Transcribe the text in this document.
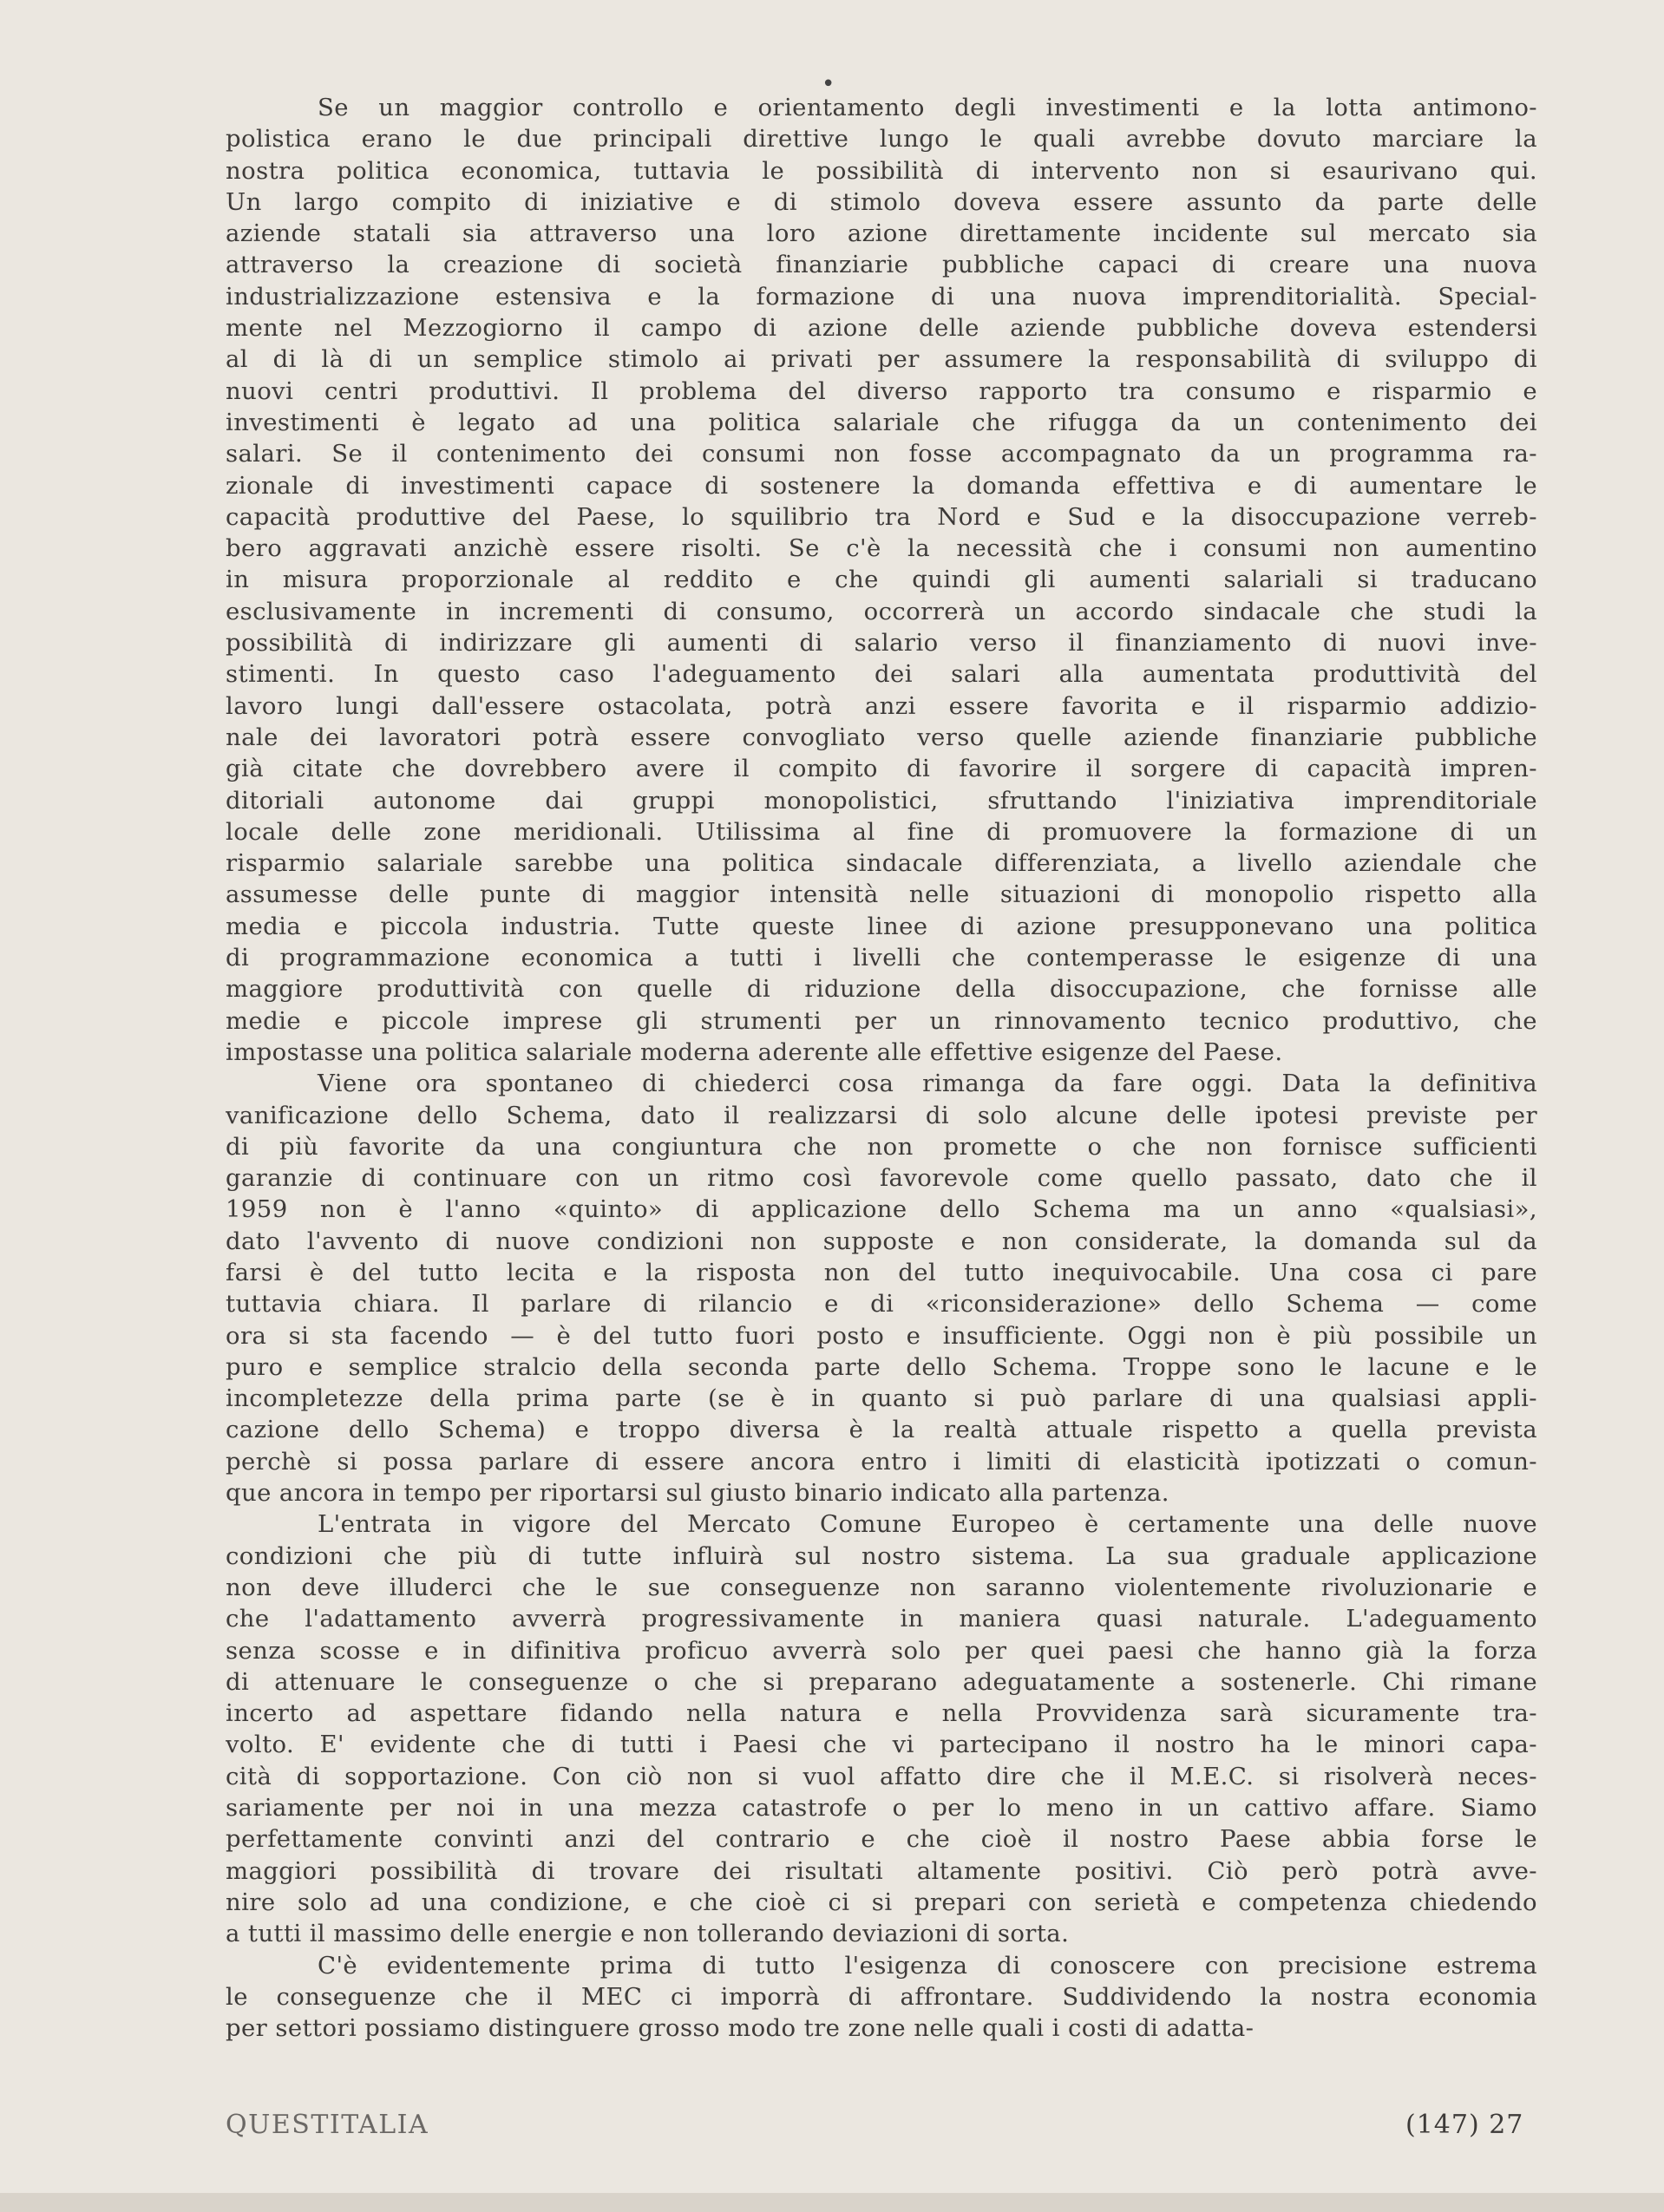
•
Se un maggior controllo e orientamento degli investimenti e la lotta antimono-
polistica erano le due principali direttive lungo le quali avrebbe dovuto marciare la
nostra politica economica, tuttavia le possibilità di intervento non si esaurivano qui.
Un largo compito di iniziative e di stimolo doveva essere assunto da parte delle
aziende statali sia attraverso una loro azione direttamente incidente sul mercato sia
attraverso la creazione di società finanziarie pubbliche capaci di creare una nuova
industrializzazione estensiva e la formazione di una nuova imprenditorialità. Special-
mente nel Mezzogiorno il campo di azione delle aziende pubbliche doveva estendersi
al di là di un semplice stimolo ai privati per assumere la responsabilità di sviluppo di
nuovi centri produttivi. Il problema del diverso rapporto tra consumo e risparmio e
investimenti è legato ad una politica salariale che rifugga da un contenimento dei
salari. Se il contenimento dei consumi non fosse accompagnato da un programma ra-
zionale di investimenti capace di sostenere la domanda effettiva e di aumentare le
capacità produttive del Paese, lo squilibrio tra Nord e Sud e la disoccupazione verreb-
bero aggravati anzichè essere risolti. Se c'è la necessità che i consumi non aumentino
in misura proporzionale al reddito e che quindi gli aumenti salariali si traducano
esclusivamente in incrementi di consumo, occorrerà un accordo sindacale che studi la
possibilità di indirizzare gli aumenti di salario verso il finanziamento di nuovi inve-
stimenti. In questo caso l'adeguamento dei salari alla aumentata produttività del
lavoro lungi dall'essere ostacolata, potrà anzi essere favorita e il risparmio addizio-
nale dei lavoratori potrà essere convogliato verso quelle aziende finanziarie pubbliche
già citate che dovrebbero avere il compito di favorire il sorgere di capacità impren-
ditoriali autonome dai gruppi monopolistici, sfruttando l'iniziativa imprenditoriale
locale delle zone meridionali. Utilissima al fine di promuovere la formazione di un
risparmio salariale sarebbe una politica sindacale differenziata, a livello aziendale che
assumesse delle punte di maggior intensità nelle situazioni di monopolio rispetto alla
media e piccola industria. Tutte queste linee di azione presupponevano una politica
di programmazione economica a tutti i livelli che contemperasse le esigenze di una
maggiore produttività con quelle di riduzione della disoccupazione, che fornisse alle
medie e piccole imprese gli strumenti per un rinnovamento tecnico produttivo, che
impostasse una politica salariale moderna aderente alle effettive esigenze del Paese.
Viene ora spontaneo di chiederci cosa rimanga da fare oggi. Data la definitiva
vanificazione dello Schema, dato il realizzarsi di solo alcune delle ipotesi previste per
di più favorite da una congiuntura che non promette o che non fornisce sufficienti
garanzie di continuare con un ritmo così favorevole come quello passato, dato che il
1959 non è l'anno «quinto» di applicazione dello Schema ma un anno «qualsiasi»,
dato l'avvento di nuove condizioni non supposte e non considerate, la domanda sul da
farsi è del tutto lecita e la risposta non del tutto inequivocabile. Una cosa ci pare
tuttavia chiara. Il parlare di rilancio e di «riconsiderazione» dello Schema — come
ora si sta facendo — è del tutto fuori posto e insufficiente. Oggi non è più possibile un
puro e semplice stralcio della seconda parte dello Schema. Troppe sono le lacune e le
incompletezze della prima parte (se è in quanto si può parlare di una qualsiasi appli-
cazione dello Schema) e troppo diversa è la realtà attuale rispetto a quella prevista
perchè si possa parlare di essere ancora entro i limiti di elasticità ipotizzati o comun-
que ancora in tempo per riportarsi sul giusto binario indicato alla partenza.
L'entrata in vigore del Mercato Comune Europeo è certamente una delle nuove
condizioni che più di tutte influirà sul nostro sistema. La sua graduale applicazione
non deve illuderci che le sue conseguenze non saranno violentemente rivoluzionarie e
che l'adattamento avverrà progressivamente in maniera quasi naturale. L'adeguamento
senza scosse e in difinitiva proficuo avverrà solo per quei paesi che hanno già la forza
di attenuare le conseguenze o che si preparano adeguatamente a sostenerle. Chi rimane
incerto ad aspettare fidando nella natura e nella Provvidenza sarà sicuramente tra-
volto. E' evidente che di tutti i Paesi che vi partecipano il nostro ha le minori capa-
cità di sopportazione. Con ciò non si vuol affatto dire che il M.E.C. si risolverà neces-
sariamente per noi in una mezza catastrofe o per lo meno in un cattivo affare. Siamo
perfettamente convinti anzi del contrario e che cioè il nostro Paese abbia forse le
maggiori possibilità di trovare dei risultati altamente positivi. Ciò però potrà avve-
nire solo ad una condizione, e che cioè ci si prepari con serietà e competenza chiedendo
a tutti il massimo delle energie e non tollerando deviazioni di sorta.
C'è evidentemente prima di tutto l'esigenza di conoscere con precisione estrema
le conseguenze che il MEC ci imporrà di affrontare. Suddividendo la nostra economia
per settori possiamo distinguere grosso modo tre zone nelle quali i costi di adatta-
QUESTITALIA	(147) 27
